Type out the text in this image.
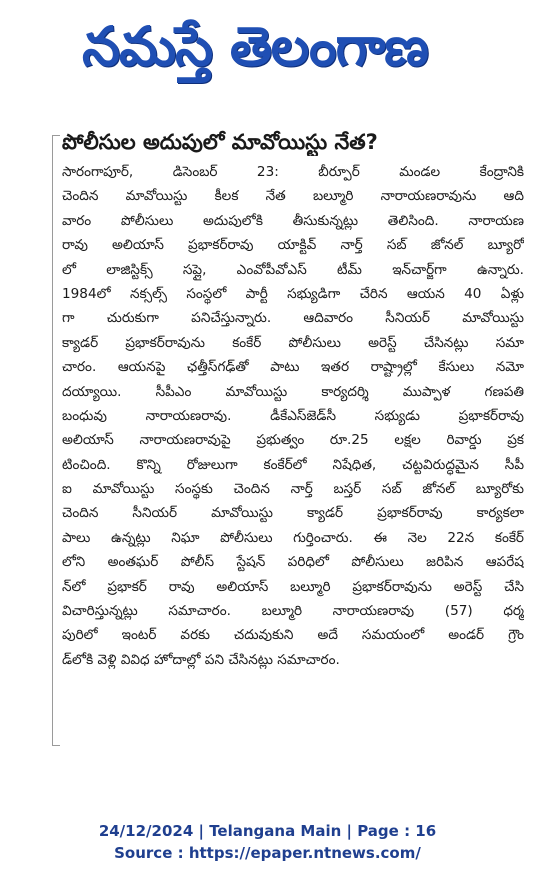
నమస్తే తెలంగాణ
పోలీసుల అదుపులో మావోయిస్టు నేత?
సారంగాపూర్, డిసెంబర్ 23: బీర్పూర్ మండల కేంద్రానికి
చెందిన మావోయిస్టు కీలక నేత బల్మూరి నారాయణరావును ఆది
వారం పోలీసులు అదుపులోకి తీసుకున్నట్లు తెలిసింది. నారాయణ
రావు అలియాస్ ప్రభాకర్‌రావు యాక్టివ్ నార్త్ సబ్ జోనల్ బ్యూరో
లో లాజిస్టిక్స్ సప్లై, ఎంవోపీవోఎస్ టీమ్ ఇన్‌చార్జ్‌గా ఉన్నారు.
1984లో నక్సల్స్ సంస్థలో పార్టీ సభ్యుడిగా చేరిన ఆయన 40 ఏళ్లు
గా చురుకుగా పనిచేస్తున్నారు. ఆదివారం సీనియర్ మావోయిస్టు
క్యాడర్ ప్రభాకర్‌రావును కంకేర్ పోలీసులు అరెస్ట్ చేసినట్లు సమా
చారం. ఆయనపై ఛత్తీస్‌గఢ్‌తో పాటు ఇతర రాష్ట్రాల్లో కేసులు నమో
దయ్యాయి. సీపీఎం మావోయిస్టు కార్యదర్శి ముప్పాళ గణపతి
బంధువు నారాయణరావు. డీకేఎస్‌జెడ్‌సీ సభ్యుడు ప్రభాకర్‌రావు
అలియాస్ నారాయణరావుపై ప్రభుత్వం రూ.25 లక్షల రివార్డు ప్రక
టించింది. కొన్ని రోజులుగా కంకేర్‌లో నిషేధిత, చట్టవిరుద్ధమైన సీపీ
ఐ మావోయిస్టు సంస్థకు చెందిన నార్త్ బస్తర్ సబ్ జోనల్ బ్యూరోకు
చెందిన సీనియర్ మావోయిస్టు క్యాడర్ ప్రభాకర్‌రావు కార్యకలా
పాలు ఉన్నట్లు నిఘా పోలీసులు గుర్తించారు. ఈ నెల 22న కంకేర్
లోని అంతఘర్ పోలీస్ స్టేషన్ పరిధిలో పోలీసులు జరిపిన ఆపరేష
న్‌లో ప్రభాకర్ రావు అలియాస్ బల్మూరి ప్రభాకర్‌రావును అరెస్ట్ చేసి
విచారిస్తున్నట్లు సమాచారం. బల్మూరి నారాయణరావు (57) ధర్మ
పురిలో ఇంటర్ వరకు చదువుకుని అదే సమయంలో అండర్ గ్రౌం
డ్‌లోకి వెళ్లి వివిధ హోదాల్లో పని చేసినట్లు సమాచారం.
24/12/2024 | Telangana Main | Page : 16
Source : https://epaper.ntnews.com/
